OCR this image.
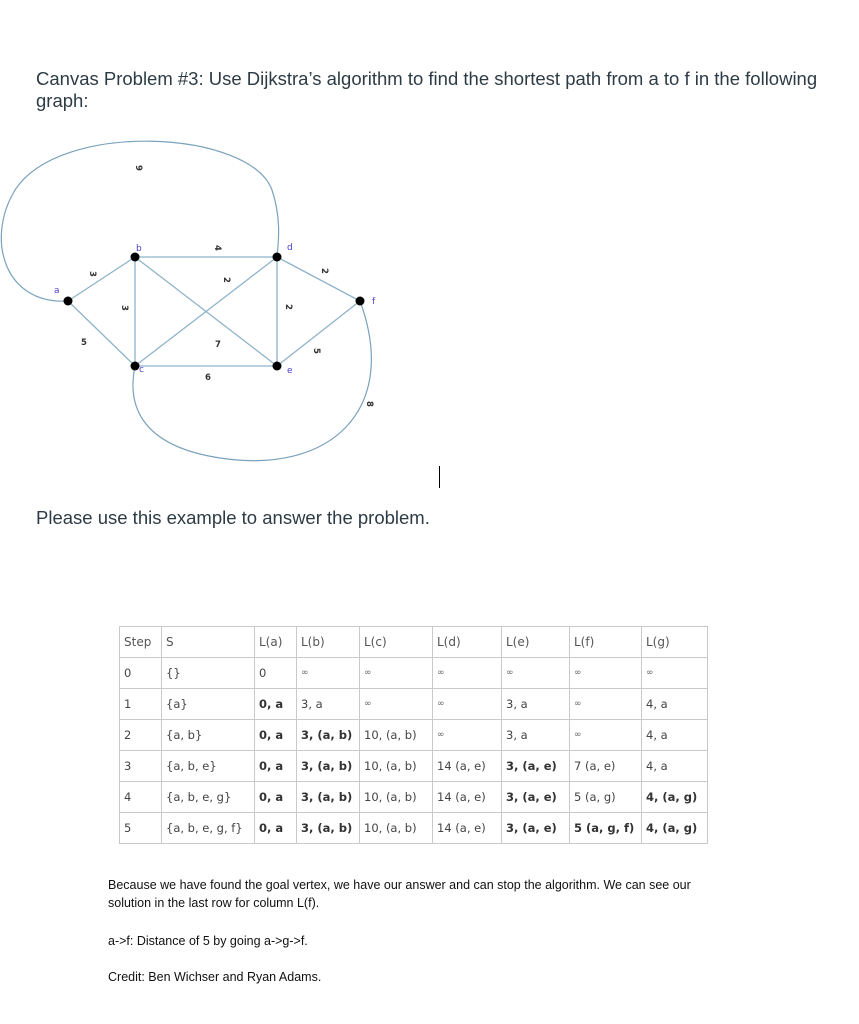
Canvas Problem #3: Use Dijkstra’s algorithm to find the shortest path from a to f in the following graph:
9
3
5
3
4
2
7
6
2
2
5
8
a
b
c
d
e
f
Please use this example to answer the problem.
Step	S	L(a)	L(b)	L(c)	L(d)	L(e)	L(f)	L(g)
0	{}	0	∞	∞	∞	∞	∞	∞
1	{a}	0, a	3, a	∞	∞	3, a	∞	4, a
2	{a, b}	0, a	3, (a, b)	10, (a, b)	∞	3, a	∞	4, a
3	{a, b, e}	0, a	3, (a, b)	10, (a, b)	14 (a, e)	3, (a, e)	7 (a, e)	4, a
4	{a, b, e, g}	0, a	3, (a, b)	10, (a, b)	14 (a, e)	3, (a, e)	5 (a, g)	4, (a, g)
5	{a, b, e, g, f}	0, a	3, (a, b)	10, (a, b)	14 (a, e)	3, (a, e)	5 (a, g, f)	4, (a, g)
Because we have found the goal vertex, we have our answer and can stop the algorithm. We can see our solution in the last row for column L(f).
a->f: Distance of 5 by going a->g->f.
Credit: Ben Wichser and Ryan Adams.
